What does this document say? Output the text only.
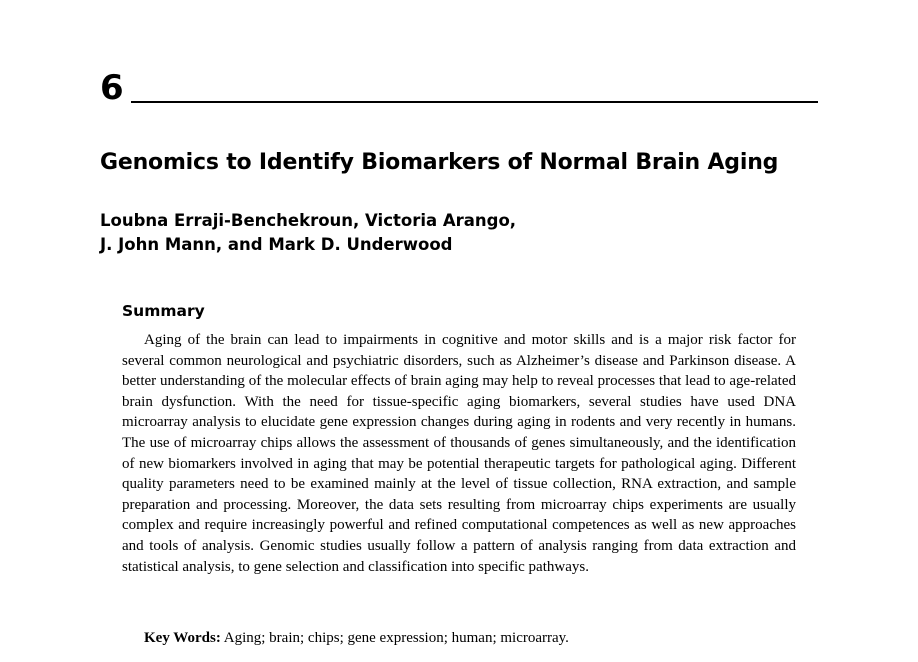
6
Genomics to Identify Biomarkers of Normal Brain Aging
Loubna Erraji-Benchekroun, Victoria Arango,
J. John Mann, and Mark D. Underwood
Summary

Aging of the brain can lead to impairments in cognitive and motor skills and is a major risk factor for several common neurological and psychiatric disorders, such as Alzheimer’s disease and Parkinson disease. A better understanding of the molecular effects of brain aging may help to reveal processes that lead to age-related brain dysfunction. With the need for tissue-specific aging biomarkers, several studies have used DNA microarray analysis to elucidate gene expression changes during aging in rodents and very recently in humans. The use of microarray chips allows the assessment of thousands of genes simultaneously, and the identification of new biomarkers involved in aging that may be potential therapeutic targets for pathological aging. Different quality parameters need to be examined mainly at the level of tissue collection, RNA extraction, and sample preparation and processing. Moreover, the data sets resulting from microarray chips experiments are usually complex and require increasingly powerful and refined computational competences as well as new approaches and tools of analysis. Genomic studies usually follow a pattern of analysis ranging from data extraction and statistical analysis, to gene selection and classification into specific pathways.

Key Words: Aging; brain; chips; gene expression; human; microarray.
